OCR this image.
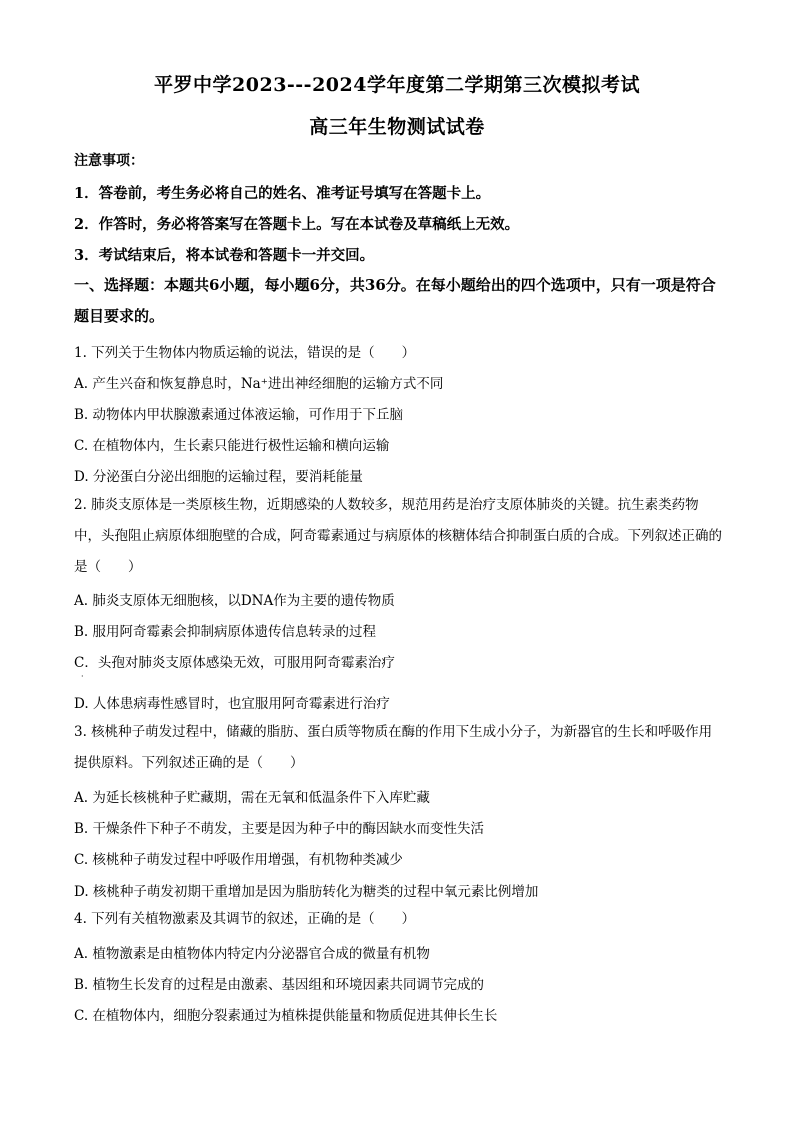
平罗中学2023---2024学年度第二学期第三次模拟考试
高三年生物测试试卷
注意事项：
1．答卷前，考生务必将自己的姓名、准考证号填写在答题卡上。
2．作答时，务必将答案写在答题卡上。写在本试卷及草稿纸上无效。
3．考试结束后，将本试卷和答题卡一并交回。
一、选择题：本题共6小题，每小题6分，共36分。在每小题给出的四个选项中，只有一项是符合题目要求的。
1. 下列关于生物体内物质运输的说法，错误的是（　　）
A. 产生兴奋和恢复静息时，Na⁺进出神经细胞的运输方式不同
B. 动物体内甲状腺激素通过体液运输，可作用于下丘脑
C. 在植物体内，生长素只能进行极性运输和横向运输
D. 分泌蛋白分泌出细胞的运输过程，要消耗能量
2. 肺炎支原体是一类原核生物，近期感染的人数较多，规范用药是治疗支原体肺炎的关键。抗生素类药物中，头孢阻止病原体细胞壁的合成，阿奇霉素通过与病原体的核糖体结合抑制蛋白质的合成。下列叙述正确的是（　　）
A. 肺炎支原体无细胞核，以DNA作为主要的遗传物质
B. 服用阿奇霉素会抑制病原体遗传信息转录的过程
C．头孢对肺炎支原体感染无效，可服用阿奇霉素治疗
·
D. 人体患病毒性感冒时，也宜服用阿奇霉素进行治疗
3. 核桃种子萌发过程中，储藏的脂肪、蛋白质等物质在酶的作用下生成小分子，为新器官的生长和呼吸作用提供原料。下列叙述正确的是（　　）
A. 为延长核桃种子贮藏期，需在无氧和低温条件下入库贮藏
B. 干燥条件下种子不萌发，主要是因为种子中的酶因缺水而变性失活
C. 核桃种子萌发过程中呼吸作用增强，有机物种类减少
D. 核桃种子萌发初期干重增加是因为脂肪转化为糖类的过程中氧元素比例增加
4. 下列有关植物激素及其调节的叙述，正确的是（　　）
A. 植物激素是由植物体内特定内分泌器官合成的微量有机物
B. 植物生长发育的过程是由激素、基因组和环境因素共同调节完成的
C. 在植物体内，细胞分裂素通过为植株提供能量和物质促进其伸长生长
